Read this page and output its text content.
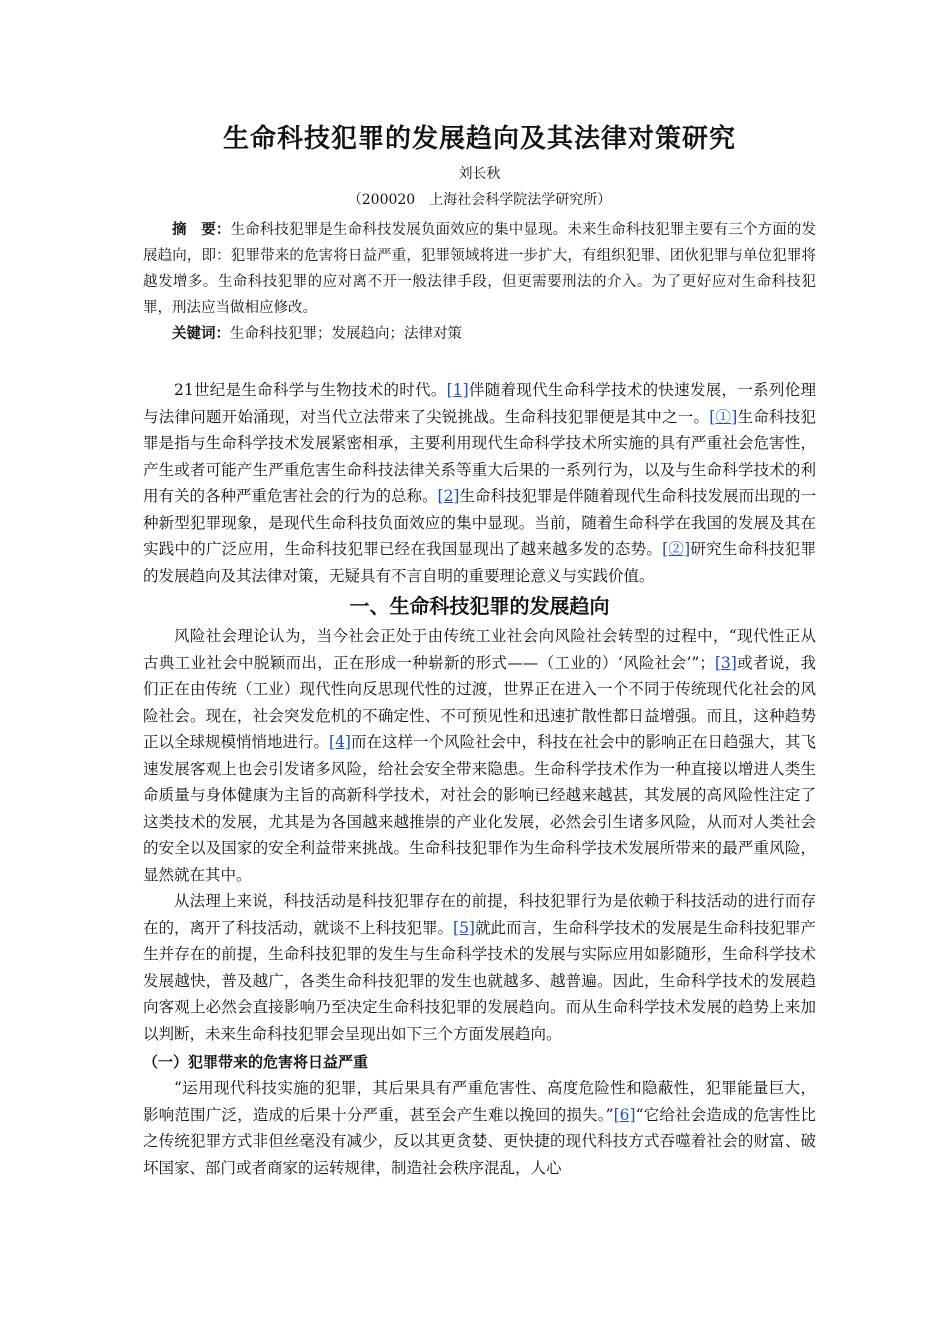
生命科技犯罪的发展趋向及其法律对策研究
刘长秋
（200020　上海社会科学院法学研究所）

摘　要：生命科技犯罪是生命科技发展负面效应的集中显现。未来生命科技犯罪主要有三个方面的发展趋向，即：犯罪带来的危害将日益严重，犯罪领域将进一步扩大，有组织犯罪、团伙犯罪与单位犯罪将越发增多。生命科技犯罪的应对离不开一般法律手段，但更需要刑法的介入。为了更好应对生命科技犯罪，刑法应当做相应修改。

关键词：生命科技犯罪；发展趋向；法律对策

21世纪是生命科学与生物技术的时代。[1]伴随着现代生命科学技术的快速发展，一系列伦理与法律问题开始涌现，对当代立法带来了尖锐挑战。生命科技犯罪便是其中之一。[①]生命科技犯罪是指与生命科学技术发展紧密相承，主要利用现代生命科学技术所实施的具有严重社会危害性，产生或者可能产生严重危害生命科技法律关系等重大后果的一系列行为，以及与生命科学技术的利用有关的各种严重危害社会的行为的总称。[2]生命科技犯罪是伴随着现代生命科技发展而出现的一种新型犯罪现象，是现代生命科技负面效应的集中显现。当前，随着生命科学在我国的发展及其在实践中的广泛应用，生命科技犯罪已经在我国显现出了越来越多发的态势。[②]研究生命科技犯罪的发展趋向及其法律对策，无疑具有不言自明的重要理论意义与实践价值。

一、生命科技犯罪的发展趋向

风险社会理论认为，当今社会正处于由传统工业社会向风险社会转型的过程中，“现代性正从古典工业社会中脱颖而出，正在形成一种崭新的形式——（工业的）‘风险社会’”；[3]或者说，我们正在由传统（工业）现代性向反思现代性的过渡，世界正在进入一个不同于传统现代化社会的风险社会。现在，社会突发危机的不确定性、不可预见性和迅速扩散性都日益增强。而且，这种趋势正以全球规模悄悄地进行。[4]而在这样一个风险社会中，科技在社会中的影响正在日趋强大，其飞速发展客观上也会引发诸多风险，给社会安全带来隐患。生命科学技术作为一种直接以增进人类生命质量与身体健康为主旨的高新科学技术，对社会的影响已经越来越甚，其发展的高风险性注定了这类技术的发展，尤其是为各国越来越推崇的产业化发展，必然会引生诸多风险，从而对人类社会的安全以及国家的安全利益带来挑战。生命科技犯罪作为生命科学技术发展所带来的最严重风险，显然就在其中。

从法理上来说，科技活动是科技犯罪存在的前提，科技犯罪行为是依赖于科技活动的进行而存在的，离开了科技活动，就谈不上科技犯罪。[5]就此而言，生命科学技术的发展是生命科技犯罪产生并存在的前提，生命科技犯罪的发生与生命科学技术的发展与实际应用如影随形，生命科学技术发展越快，普及越广，各类生命科技犯罪的发生也就越多、越普遍。因此，生命科学技术的发展趋向客观上必然会直接影响乃至决定生命科技犯罪的发展趋向。而从生命科学技术发展的趋势上来加以判断，未来生命科技犯罪会呈现出如下三个方面发展趋向。

（一）犯罪带来的危害将日益严重

“运用现代科技实施的犯罪，其后果具有严重危害性、高度危险性和隐蔽性，犯罪能量巨大，影响范围广泛，造成的后果十分严重，甚至会产生难以挽回的损失。”[6]“它给社会造成的危害性比之传统犯罪方式非但丝毫没有减少，反以其更贪婪、更快捷的现代科技方式吞噬着社会的财富、破坏国家、部门或者商家的运转规律，制造社会秩序混乱，人心
